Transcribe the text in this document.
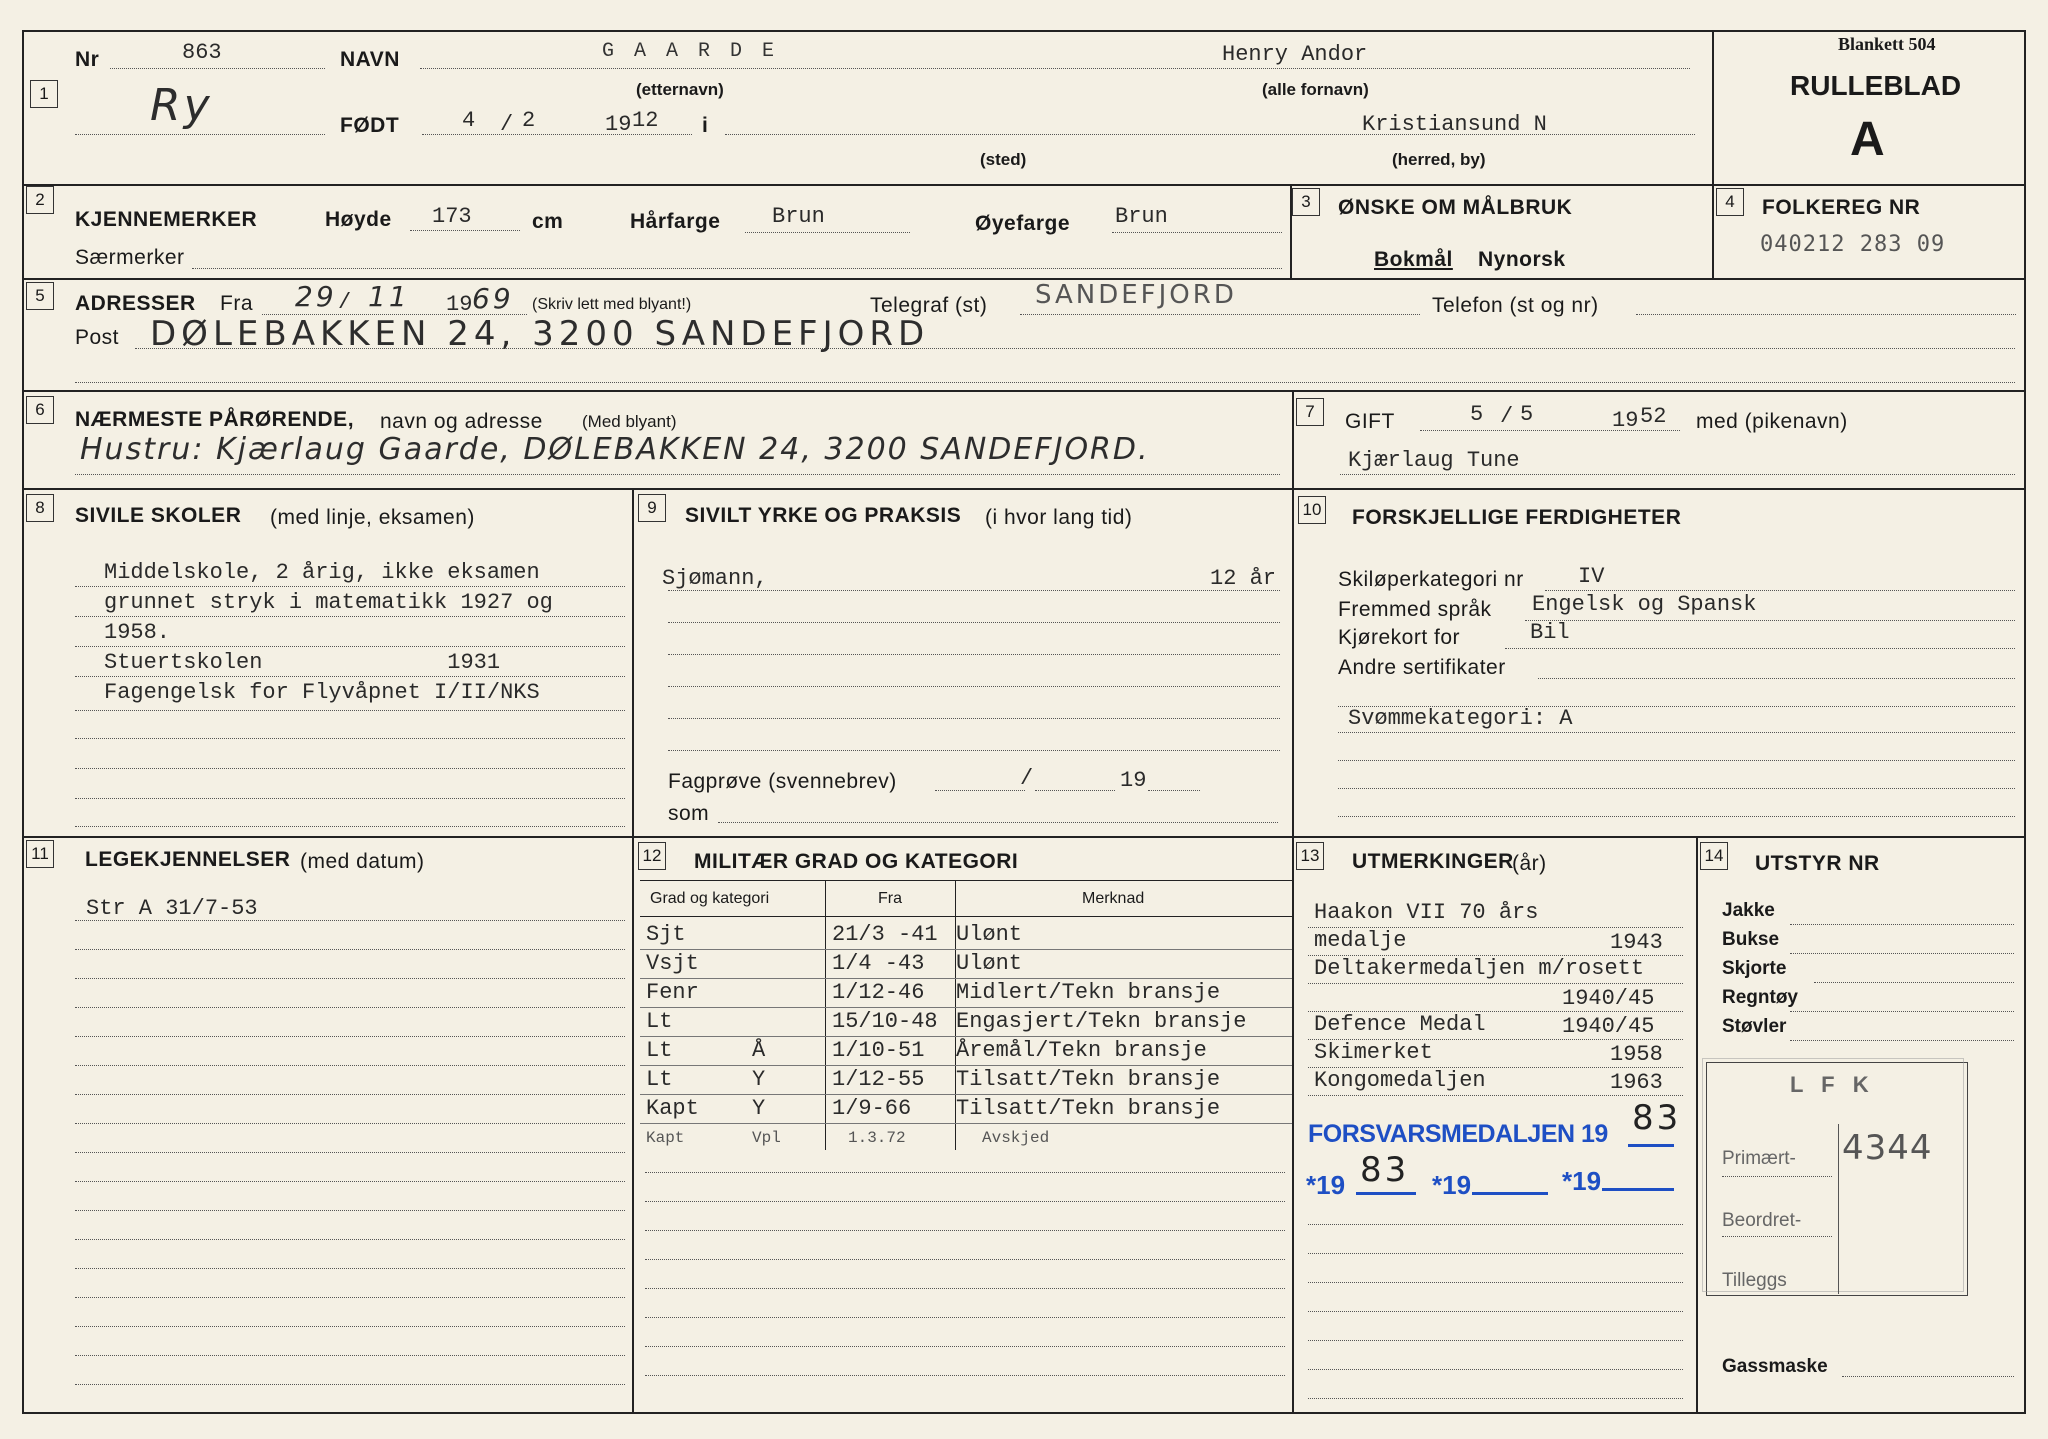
1
Nr	863	NAVN	G A A R D E	Henry Andor
(etternavn)	(alle fornavn)
Ry	FØDT	4 / 2	19 12 i	Kristiansund N
(sted)	(herred, by)
Blankett 504
RULLEBLAD
A
2
KJENNEMERKER	Høyde 173	cm	Hårfarge Brun	Øyefarge Brun
Særmerker
3	ØNSKE OM MÅLBRUK
Bokmål Nynorsk
4	FOLKEREG NR
040212 283 09
5	ADRESSER Fra 29 / 11 19 69 (Skriv lett med blyant!)	Telegraf (st) SANDEFJORD	Telefon (st og nr)
Post DØLEBAKKEN 24, 3200 SANDEFJORD
6	NÆRMESTE PÅRØRENDE, navn og adresse (Med blyant)
Hustru: Kjærlaug Gaarde, DØLEBAKKEN 24, 3200 SANDEFJORD.
7	GIFT	5 / 5	19 52 med (pikenavn)
Kjærlaug Tune
8	SIVILE SKOLER (med linje, eksamen)	9	SIVILT YRKE OG PRAKSIS (i hvor lang tid)
Sjømann,	12 år
Fagprøve (svennebrev)	/	19
som
10 FORSKJELLIGE FERDIGHETER
Skiløperkategori nr IV
Fremmed språk Engelsk og Spansk
Kjørekort for	Bil
Andre sertifikater
Svømmekategori: A
11 LEGEKJENNELSER (med datum)
Str A 31/7-53
12 MILITÆR GRAD OG KATEGORI
Grad og kategori	Fra	Merknad
13 UTMERKINGER
(år)
FORSVARSMEDALJEN 19 83
*19 83 *19	*19
14 UTSTYR NR
L F K
Primært- 4344
Beordret-
Tilleggs
Gassmaske
Middelskole, 2 årig, ikke eksamen
grunnet stryk i matematikk 1927 og
1958.
Stuertskolen              1931
Fagengelsk for Flyvåpnet I/II/NKS
Sjt	21/3 -41 Ulønt
Vsjt	1/4 -43 Ulønt
Fenr	1/12-46 Midlert/Tekn bransje
Lt	15/10-48 Engasjert/Tekn bransje
Lt	Å	1/10-51 Åremål/Tekn bransje
Lt	Y	1/12-55 Tilsatt/Tekn bransje
Kapt Y	1/9-66 Tilsatt/Tekn bransje
Kapt	Vpl	1.3.72	Avskjed
Haakon VII 70 års
medalje	1943
Deltakermedaljen m/rosett
1940/45
Defence Medal	1940/45
Skimerket	1958
Kongomedaljen	1963
Jakke
Bukse
Skjorte
Regntøy
Støvler
